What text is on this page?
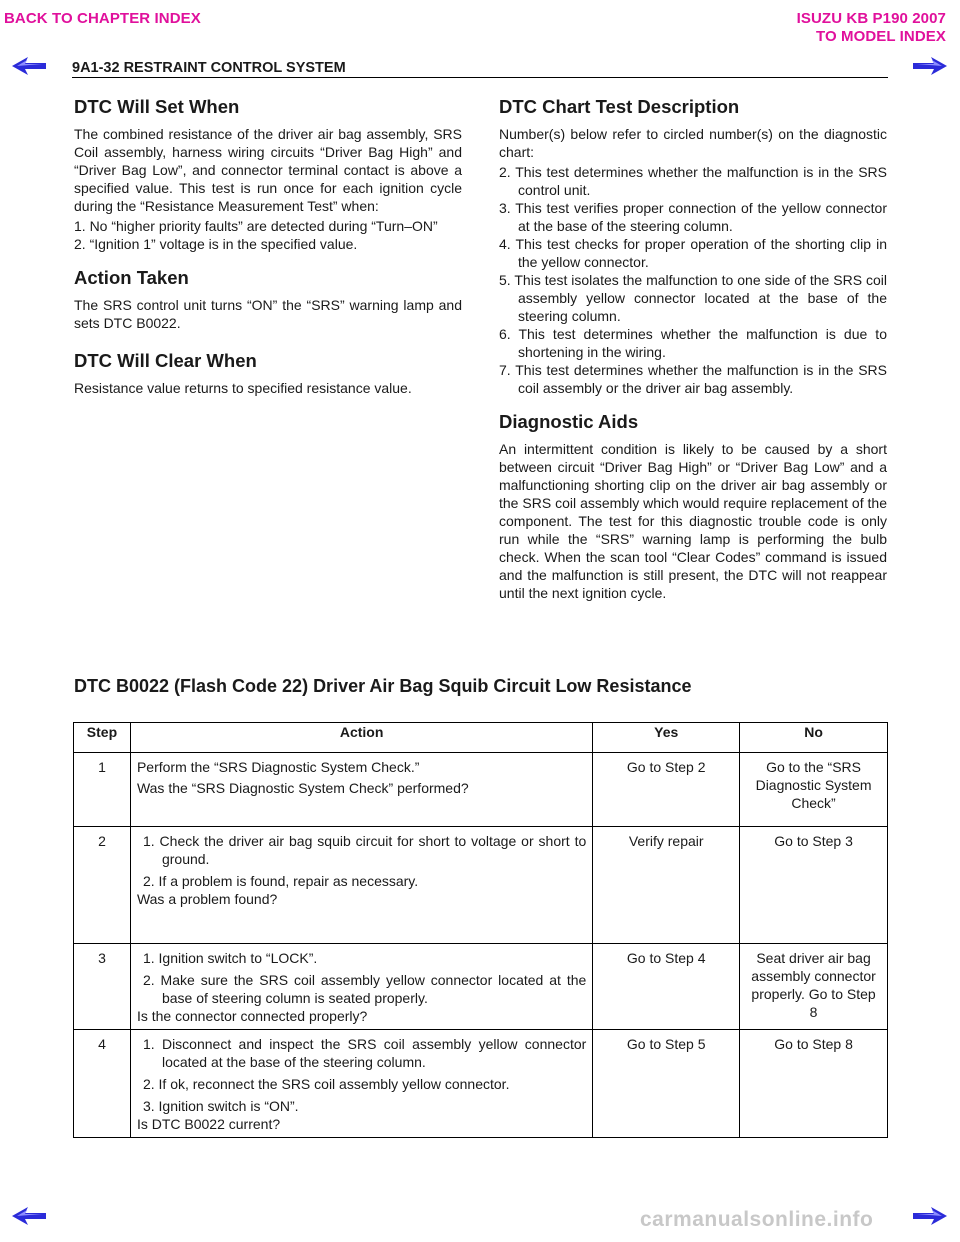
BACK TO CHAPTER INDEX	ISUZU KB P190 2007
TO MODEL INDEX
9A1-32 RESTRAINT CONTROL SYSTEM
DTC Will Set When

The combined resistance of the driver air bag assembly, SRS Coil assembly, harness wiring circuits “Driver Bag High” and “Driver Bag Low”, and connector terminal contact is above a specified value. This test is run once for each ignition cycle during the “Resistance Measurement Test” when:

1. No “higher priority faults” are detected during “Turn–ON”
2. “Ignition 1” voltage is in the specified value.
Action Taken

The SRS control unit turns “ON” the “SRS” warning lamp and sets DTC B0022.

DTC Will Clear When

Resistance value returns to specified resistance value.

DTC Chart Test Description

Number(s) below refer to circled number(s) on the diagnostic chart:

2. This test determines whether the malfunction is in the SRS control unit.
3. This test verifies proper connection of the yellow connector at the base of the steering column.
4. This test checks for proper operation of the shorting clip in the yellow connector.
5. This test isolates the malfunction to one side of the SRS coil assembly yellow connector located at the base of the steering column.
6. This test determines whether the malfunction is due to shortening in the wiring.
7. This test determines whether the malfunction is in the SRS coil assembly or the driver air bag assembly.
Diagnostic Aids

An intermittent condition is likely to be caused by a short between circuit “Driver Bag High” or “Driver Bag Low” and a malfunctioning shorting clip on the driver air bag assembly or the SRS coil assembly which would require replacement of the component. The test for this diagnostic trouble code is only run while the “SRS” warning lamp is performing the bulb check. When the scan tool “Clear Codes” command is issued and the malfunction is still present, the DTC will not reappear until the next ignition cycle.

DTC B0022 (Flash Code 22) Driver Air Bag Squib Circuit Low Resistance
Step	Action	Yes	No
1	Perform the “SRS Diagnostic System Check.”
Was the “SRS Diagnostic System Check” performed?	Go to Step 2	Go to the “SRS Diagnostic System Check”
2	1. Check the driver air bag squib circuit for short to voltage or short to ground.
2. If a problem is found, repair as necessary.
Was a problem found?	Verify repair	Go to Step 3
3	1. Ignition switch to “LOCK”.
2. Make sure the SRS coil assembly yellow connector located at the base of steering column is seated properly.
Is the connector connected properly?	Go to Step 4	Seat driver air bag assembly connector properly. Go to Step 8
4	1. Disconnect and inspect the SRS coil assembly yellow connector located at the base of the steering column.
2. If ok, reconnect the SRS coil assembly yellow connector.
3. Ignition switch is “ON”.
Is DTC B0022 current?	Go to Step 5	Go to Step 8
carmanualsonline.info
